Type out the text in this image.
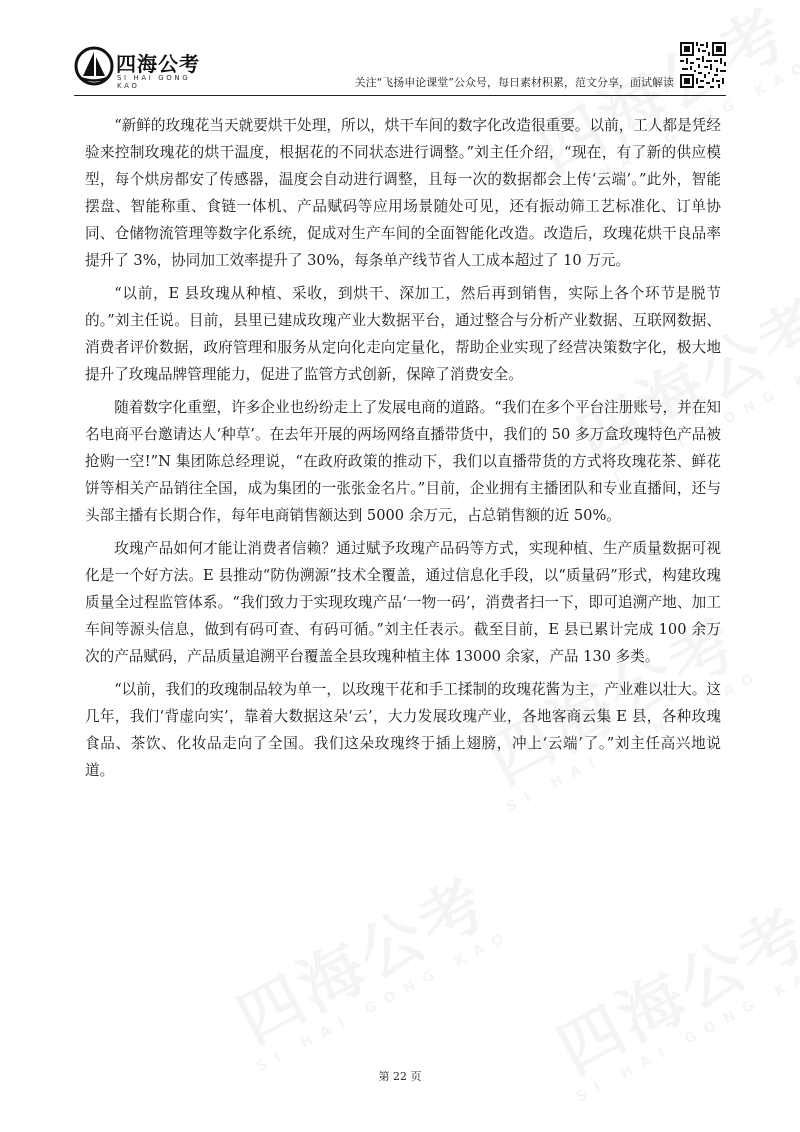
四海公考
SI HAI GONG KAO	关注“飞扬申论课堂”公众号，每日素材积累，范文分享，面试解读

“新鲜的玫瑰花当天就要烘干处理，所以，烘干车间的数字化改造很重要。以前，工人都是凭经验来控制玫瑰花的烘干温度，根据花的不同状态进行调整。”刘主任介绍，“现在，有了新的供应模型，每个烘房都安了传感器，温度会自动进行调整，且每一次的数据都会上传‘云端’。”此外，智能摆盘、智能称重、食链一体机、产品赋码等应用场景随处可见，还有振动筛工艺标准化、订单协同、仓储物流管理等数字化系统，促成对生产车间的全面智能化改造。改造后，玫瑰花烘干良品率提升了 3%，协同加工效率提升了 30%，每条单产线节省人工成本超过了 10 万元。

“以前，E 县玫瑰从种植、采收，到烘干、深加工，然后再到销售，实际上各个环节是脱节的。”刘主任说。目前，县里已建成玫瑰产业大数据平台，通过整合与分析产业数据、互联网数据、消费者评价数据，政府管理和服务从定向化走向定量化，帮助企业实现了经营决策数字化，极大地提升了玫瑰品牌管理能力，促进了监管方式创新，保障了消费安全。

随着数字化重塑，许多企业也纷纷走上了发展电商的道路。“我们在多个平台注册账号，并在知名电商平台邀请达人‘种草’。在去年开展的两场网络直播带货中，我们的 50 多万盒玫瑰特色产品被抢购一空!”N 集团陈总经理说，“在政府政策的推动下，我们以直播带货的方式将玫瑰花茶、鲜花饼等相关产品销往全国，成为集团的一张张金名片。”目前，企业拥有主播团队和专业直播间，还与头部主播有长期合作，每年电商销售额达到 5000 余万元，占总销售额的近 50%。

玫瑰产品如何才能让消费者信赖？通过赋予玫瑰产品码等方式，实现种植、生产质量数据可视化是一个好方法。E 县推动“防伪溯源”技术全覆盖，通过信息化手段，以“质量码”形式，构建玫瑰质量全过程监管体系。“我们致力于实现玫瑰产品‘一物一码’，消费者扫一下，即可追溯产地、加工车间等源头信息，做到有码可查、有码可循。”刘主任表示。截至目前，E 县已累计完成 100 余万次的产品赋码，产品质量追溯平台覆盖全县玫瑰种植主体 13000 余家，产品 130 多类。

“以前，我们的玫瑰制品较为单一，以玫瑰干花和手工揉制的玫瑰花酱为主，产业难以壮大。这几年，我们‘背虚向实’，靠着大数据这朵‘云’，大力发展玫瑰产业，各地客商云集 E 县，各种玫瑰食品、茶饮、化妆品走向了全国。我们这朵玫瑰终于插上翅膀，冲上‘云端’了。”刘主任高兴地说道。

第 22 页
